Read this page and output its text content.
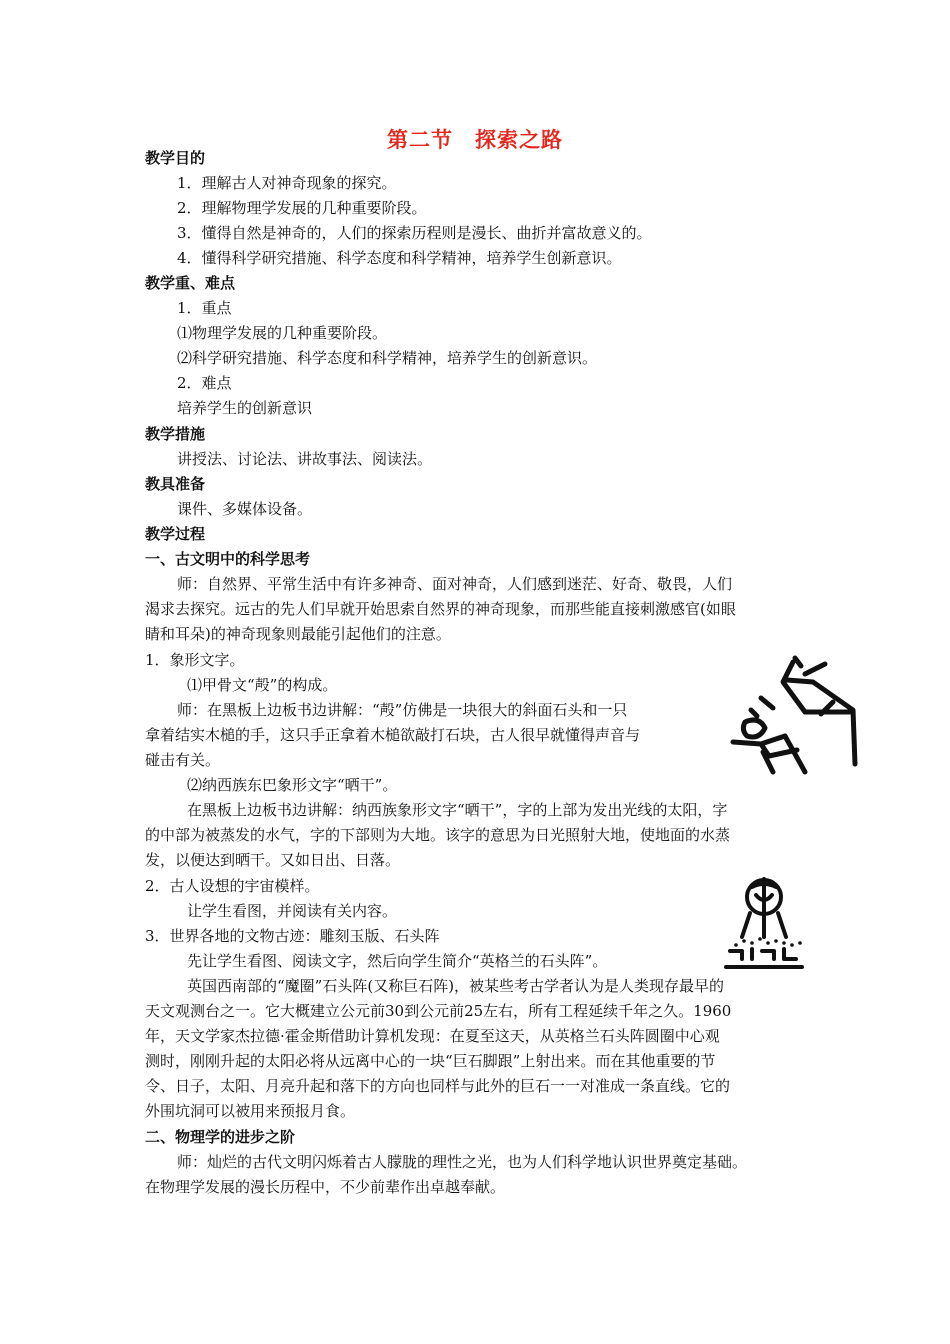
第二节　探索之路
教学目的
1．理解古人对神奇现象的探究。
2．理解物理学发展的几种重要阶段。
3．懂得自然是神奇的，人们的探索历程则是漫长、曲折并富故意义的。
4．懂得科学研究措施、科学态度和科学精神，培养学生创新意识。
教学重、难点
1．重点
⑴物理学发展的几种重要阶段。
⑵科学研究措施、科学态度和科学精神，培养学生的创新意识。
2．难点
培养学生的创新意识
教学措施
讲授法、讨论法、讲故事法、阅读法。
教具准备
课件、多媒体设备。
教学过程
一、古文明中的科学思考
师：自然界、平常生活中有许多神奇、面对神奇，人们感到迷茫、好奇、敬畏，人们
渴求去探究。远古的先人们早就开始思索自然界的神奇现象，而那些能直接刺激感官(如眼
睛和耳朵)的神奇现象则最能引起他们的注意。
1．象形文字。
⑴甲骨文“殸”的构成。
师：在黑板上边板书边讲解：“殸”仿佛是一块很大的斜面石头和一只
拿着结实木槌的手，这只手正拿着木槌欲敲打石块，古人很早就懂得声音与
碰击有关。
⑵纳西族东巴象形文字“晒干”。
在黑板上边板书边讲解：纳西族象形文字“晒干”，字的上部为发出光线的太阳，字
的中部为被蒸发的水气，字的下部则为大地。该字的意思为日光照射大地，使地面的水蒸
发，以便达到晒干。又如日出、日落。
2．古人设想的宇宙模样。
让学生看图，并阅读有关内容。
3．世界各地的文物古迹：雕刻玉版、石头阵
先让学生看图、阅读文字，然后向学生简介“英格兰的石头阵”。
英国西南部的“魔圈”石头阵(又称巨石阵)，被某些考古学者认为是人类现存最早的
天文观测台之一。它大概建立公元前30到公元前25左右，所有工程延续千年之久。1960
年，天文学家杰拉德·霍金斯借助计算机发现：在夏至这天，从英格兰石头阵圆圈中心观
测时，刚刚升起的太阳必将从远离中心的一块“巨石脚跟”上射出来。而在其他重要的节
令、日子，太阳、月亮升起和落下的方向也同样与此外的巨石一一对准成一条直线。它的
外围坑洞可以被用来预报月食。
二、物理学的进步之阶
师：灿烂的古代文明闪烁着古人朦胧的理性之光，也为人们科学地认识世界奠定基础。
在物理学发展的漫长历程中，不少前辈作出卓越奉献。
